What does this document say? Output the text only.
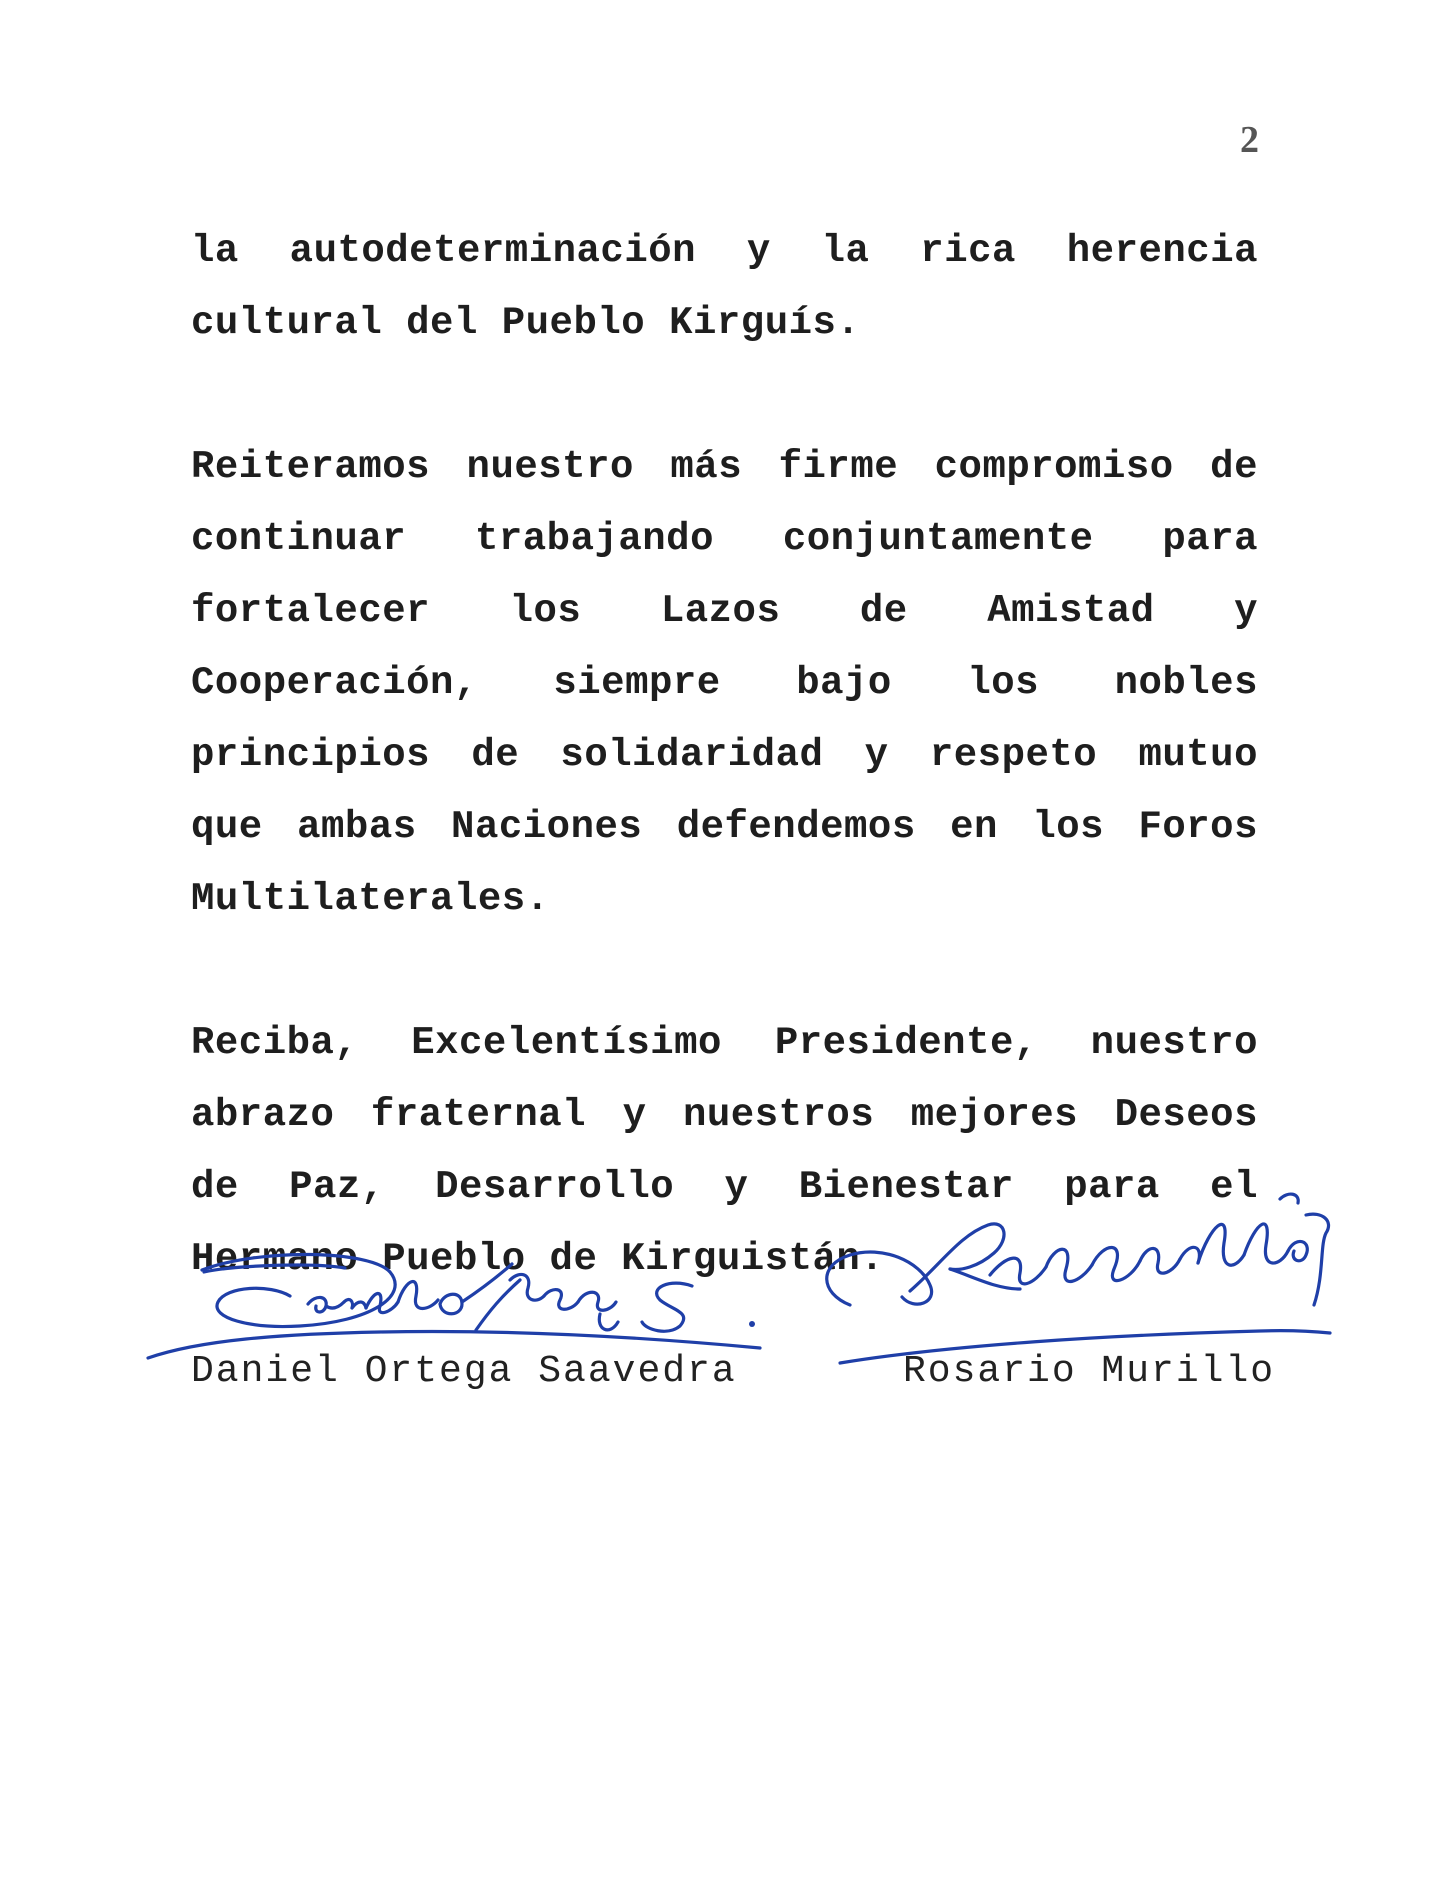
2

la autodeterminación y la rica herencia cultural del Pueblo Kirguís.

Reiteramos nuestro más firme compromiso de continuar trabajando conjuntamente para fortalecer los Lazos de Amistad y Cooperación, siempre bajo los nobles principios de solidaridad y respeto mutuo que ambas Naciones defendemos en los Foros Multilaterales.

Reciba, Excelentísimo Presidente, nuestro abrazo fraternal y nuestros mejores Deseos de Paz, Desarrollo y Bienestar para el Hermano Pueblo de Kirguistán.

Daniel Ortega Saavedra	Rosario Murillo
